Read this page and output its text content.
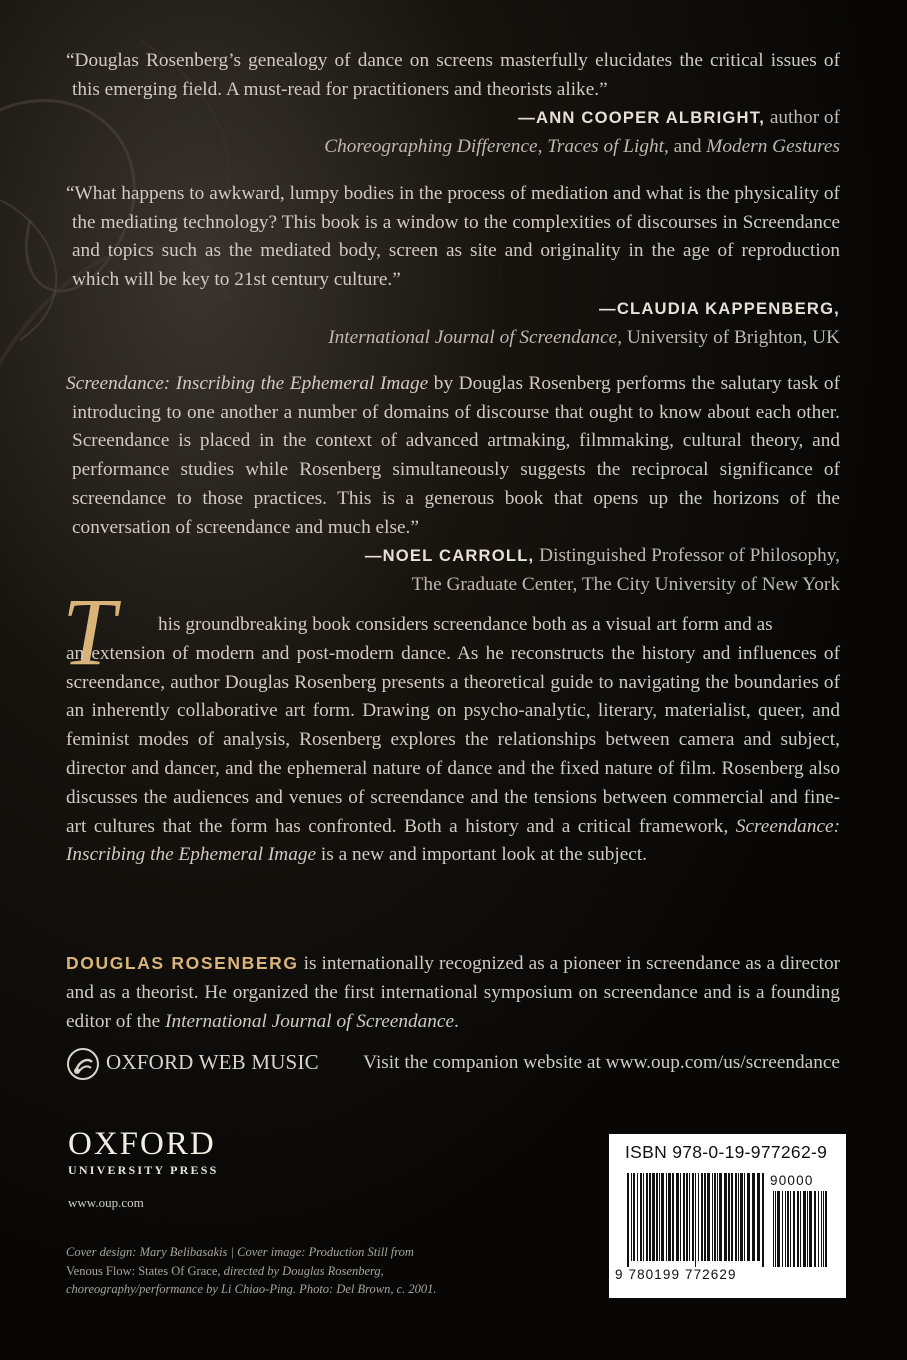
“Douglas Rosenberg’s genealogy of dance on screens masterfully elucidates the critical issues of this emerging field. A must-read for practitioners and theorists alike.”

—ANN COOPER ALBRIGHT, author of

Choreographing Difference, Traces of Light, and Modern Gestures

“What happens to awkward, lumpy bodies in the process of mediation and what is the physicality of the mediating technology? This book is a window to the complexities of discourses in Screendance and topics such as the mediated body, screen as site and originality in the age of reproduction which will be key to 21st century culture.”

—CLAUDIA KAPPENBERG,

International Journal of Screendance, University of Brighton, UK

Screendance: Inscribing the Ephemeral Image by Douglas Rosenberg performs the salutary task of introducing to one another a number of domains of discourse that ought to know about each other. Screendance is placed in the context of advanced artmaking, filmmaking, cultural theory, and performance studies while Rosenberg simultaneously suggests the reciprocal significance of screendance to those practices. This is a generous book that opens up the horizons of the conversation of screendance and much else.”

—NOEL CARROLL, Distinguished Professor of Philosophy,

The Graduate Center, The City University of New York

T	his groundbreaking book considers screendance both as a visual art form and as
an extension of modern and post-modern dance. As he reconstructs the history and influences of screendance, author Douglas Rosenberg presents a theoretical guide to navigating the boundaries of an inherently collaborative art form. Drawing on psycho-analytic, literary, materialist, queer, and feminist modes of analysis, Rosenberg explores the relationships between camera and subject, director and dancer, and the ephemeral nature of dance and the fixed nature of film. Rosenberg also discusses the audiences and venues of screendance and the tensions between commercial and fine-art cultures that the form has confronted. Both a history and a critical framework, Screendance: Inscribing the Ephemeral Image is a new and important look at the subject.
DOUGLAS ROSENBERG is internationally recognized as a pioneer in screendance as a director and as a theorist. He organized the first international symposium on screendance and is a founding editor of the International Journal of Screendance.
OXFORD WEB MUSIC Visit the companion website at www.oup.com/us/screendance
OXFORD
UNIVERSITY PRESS
www.oup.com
Cover design: Mary Belibasakis | Cover image: Production Still from
Venous Flow: States Of Grace, directed by Douglas Rosenberg,
choreography/performance by Li Chiao-Ping. Photo: Del Brown, c. 2001.
ISBN 978-0-19-977262-9
90000
9 780199 772629
